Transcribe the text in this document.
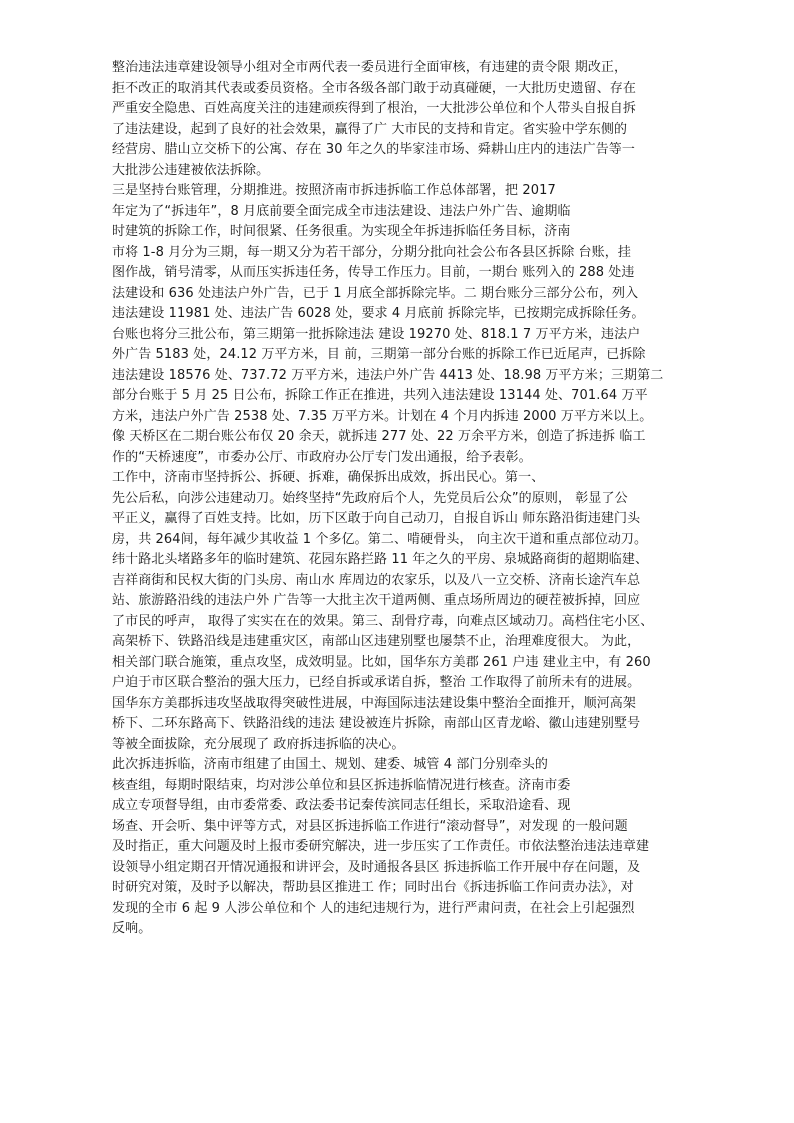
整治违法违章建设领导小组对全市两代表一委员进行全面审核，有违建的责令限 期改正，
拒不改正的取消其代表或委员资格。全市各级各部门敢于动真碰硬，一大批历史遗留、存在
严重安全隐患、百姓高度关注的违建顽疾得到了根治，一大批涉公单位和个人带头自报自拆
了违法建设，起到了良好的社会效果，赢得了广 大市民的支持和肯定。省实验中学东侧的
经营房、腊山立交桥下的公寓、存在 30 年之久的毕家洼市场、舜耕山庄内的违法广告等一
大批涉公违建被依法拆除。
三是坚持台账管理，分期推进。按照济南市拆违拆临工作总体部署，把 2017
年定为了“拆违年”，8 月底前要全面完成全市违法建设、违法户外广告、逾期临
时建筑的拆除工作，时间很紧、任务很重。为实现全年拆违拆临任务目标，济南
市将 1-8 月分为三期，每一期又分为若干部分，分期分批向社会公布各县区拆除 台账，挂
图作战，销号清零，从而压实拆违任务，传导工作压力。目前，一期台 账列入的 288 处违
法建设和 636 处违法户外广告，已于 1 月底全部拆除完毕。二 期台账分三部分公布，列入
违法建设 11981 处、违法广告 6028 处，要求 4 月底前 拆除完毕，已按期完成拆除任务。
台账也将分三批公布，第三期第一批拆除违法 建设 19270 处、818.1 7 万平方米，违法户
外广告 5183 处，24.12 万平方米，目 前，三期第一部分台账的拆除工作已近尾声，已拆除
违法建设 18576 处、737.72 万平方米，违法户外广告 4413 处、18.98 万平方米；三期第二
部分台账于 5 月 25 日公布，拆除工作正在推进，共列入违法建设 13144 处、701.64 万平
方米，违法户外广告 2538 处、7.35 万平方米。计划在 4 个月内拆违 2000 万平方米以上。
像 天桥区在二期台账公布仅 20 余天，就拆违 277 处、22 万余平方米，创造了拆违拆 临工
作的“天桥速度”，市委办公厅、市政府办公厅专门发出通报，给予表彰。
工作中，济南市坚持拆公、拆硬、拆难，确保拆出成效，拆出民心。第一、
先公后私，向涉公违建动刀。始终坚持“先政府后个人，先党员后公众”的原则， 彰显了公
平正义，赢得了百姓支持。比如，历下区敢于向自己动刀，自报自诉山 师东路沿街违建门头
房，共 264间，每年减少其收益 1 个多亿。第二、啃硬骨头， 向主次干道和重点部位动刀。
纬十路北头堵路多年的临时建筑、花园东路拦路 11 年之久的平房、泉城路商街的超期临建、
吉祥商街和民权大街的门头房、南山水 库周边的农家乐，以及八一立交桥、济南长途汽车总
站、旅游路沿线的违法户外 广告等一大批主次干道两侧、重点场所周边的硬茬被拆掉，回应
了市民的呼声， 取得了实实在在的效果。第三、刮骨疗毒，向难点区域动刀。高档住宅小区、
高架桥下、铁路沿线是违建重灾区，南部山区违建别墅也屡禁不止，治理难度很大。 为此，
相关部门联合施策，重点攻坚，成效明显。比如，国华东方美郡 261 户违 建业主中，有 260
户迫于市区联合整治的强大压力，已经自拆或承诺自拆，整治 工作取得了前所未有的进展。
国华东方美郡拆违攻坚战取得突破性进展，中海国际违法建设集中整治全面推开，顺河高架
桥下、二环东路高下、铁路沿线的违法 建设被连片拆除，南部山区青龙峪、徽山违建别墅号
等被全面拔除，充分展现了 政府拆违拆临的决心。
此次拆违拆临，济南市组建了由国土、规划、建委、城管 4 部门分别牵头的
核查组，每期时限结束，均对涉公单位和县区拆违拆临情况进行核查。济南市委
成立专项督导组，由市委常委、政法委书记秦传滨同志任组长，采取沿途看、现
场查、开会听、集中评等方式，对县区拆违拆临工作进行“滚动督导”，对发现 的一般问题
及时指正，重大问题及时上报市委研究解决，进一步压实了工作责任。市依法整治违法违章建
设领导小组定期召开情况通报和讲评会，及时通报各县区 拆违拆临工作开展中存在问题，及
时研究对策，及时予以解决，帮助县区推进工 作；同时出台《拆违拆临工作问责办法》，对
发现的全市 6 起 9 人涉公单位和个 人的违纪违规行为，进行严肃问责，在社会上引起强烈
反响。
